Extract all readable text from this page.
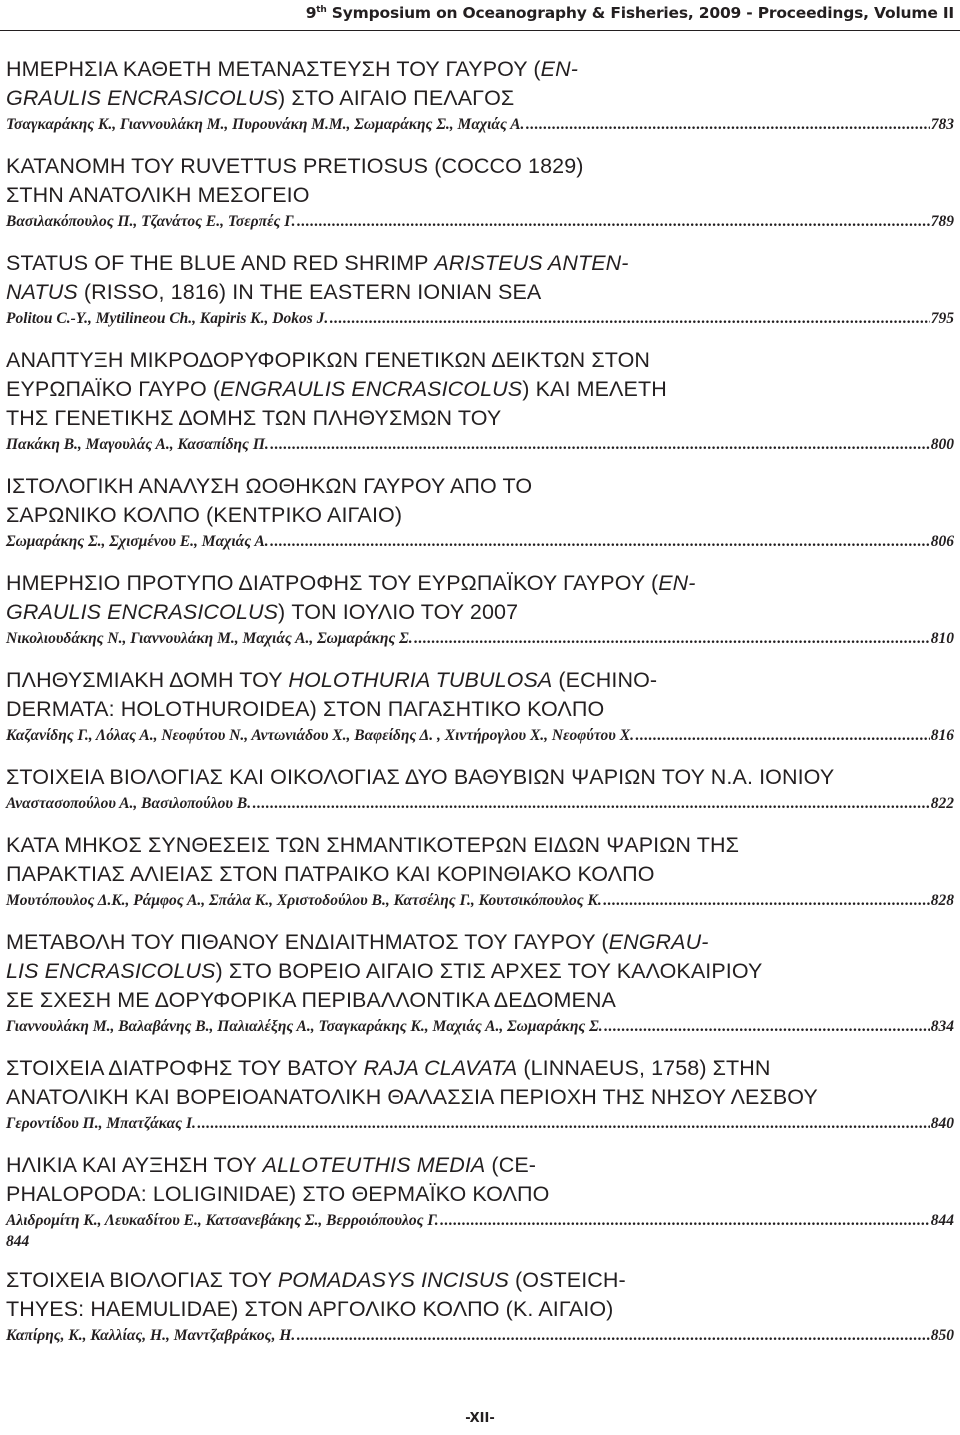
9th Symposium on Oceanography & Fisheries, 2009 - Proceedings, Volume II
ΗΜΕΡΗΣΙΑ ΚΑΘΕΤΗ ΜΕΤΑΝΑΣΤΕΥΣΗ ΤΟΥ ΓΑΥΡΟΥ (EN-
GRAULIS ENCRASICOLUS) ΣΤΟ ΑΙΓΑΙΟ ΠΕΛΑΓΟΣ
Τσαγκαράκης Κ., Γιαννουλάκη Μ., Πυρουνάκη Μ.Μ., Σωμαράκης Σ., Μαχιάς Α. .....	783
ΚΑΤΑΝΟΜΗ ΤΟΥ RUVETTUS PRETIOSUS (COCCO 1829)
ΣΤΗΝ ΑΝΑΤΟΛΙΚΗ ΜΕΣΟΓΕΙΟ
Βασιλακόπουλος Π., Τζανάτος Ε., Τσερπές Γ. .....	789
STATUS OF THE BLUE AND RED SHRIMP ARISTEUS ANTEN-
NATUS (RISSO, 1816) IN THE EASTERN IONIAN SEA
Politou C.-Y., Mytilineou Ch., Kapiris K., Dokos J. .....	795
ΑΝΑΠΤΥΞΗ ΜΙΚΡΟΔΟΡΥΦΟΡΙΚΩΝ ΓΕΝΕΤΙΚΩΝ ΔΕΙΚΤΩΝ ΣΤΟΝ
ΕΥΡΩΠΑΪΚΟ ΓΑΥΡΟ (ENGRAULIS ENCRASICOLUS) ΚΑΙ ΜΕΛΕΤΗ
ΤΗΣ ΓΕΝΕΤΙΚΗΣ ΔΟΜΗΣ ΤΩΝ ΠΛΗΘΥΣΜΩΝ ΤΟΥ
Πακάκη Β., Μαγουλάς Α., Κασαπίδης Π. .....	800
ΙΣΤΟΛΟΓΙΚΗ ΑΝΑΛΥΣΗ ΩΟΘΗΚΩΝ ΓΑΥΡΟΥ ΑΠΟ ΤΟ
ΣΑΡΩΝΙΚΟ ΚΟΛΠΟ (ΚΕΝΤΡΙΚΟ ΑΙΓΑΙΟ)
Σωμαράκης Σ., Σχισμένου Ε., Μαχιάς Α. .....	806
ΗΜΕΡΗΣΙΟ ΠΡΟΤΥΠΟ ΔΙΑΤΡΟΦΗΣ ΤΟΥ ΕΥΡΩΠΑΪΚΟΥ ΓΑΥΡΟΥ (EN-
GRAULIS ENCRASICOLUS) ΤΟΝ ΙΟΥΛΙΟ ΤΟΥ 2007
Νικολιουδάκης Ν., Γιαννουλάκη Μ., Μαχιάς Α., Σωμαράκης Σ. .....	810
ΠΛΗΘΥΣΜΙΑΚΗ ΔΟΜΗ ΤΟΥ HOLOTHURIA TUBULOSA (ECHINO-
DERMATA: HOLOTHUROIDEA) ΣΤΟΝ ΠΑΓΑΣΗΤΙΚΟ ΚΟΛΠΟ
Καζανίδης Γ., Λόλας Α., Νεοφύτου Ν., Αντωνιάδου Χ., Βαφείδης Δ. , Χιντήρογλου Χ., Νεοφύτου Χ. .....	816
ΣΤΟΙΧΕΙΑ ΒΙΟΛΟΓΙΑΣ ΚΑΙ ΟΙΚΟΛΟΓΙΑΣ ΔΥΟ ΒΑΘΥΒΙΩΝ ΨΑΡΙΩΝ ΤΟΥ Ν.Α. ΙΟΝΙΟΥ
Αναστασοπούλου Α., Βασιλοπούλου Β. .....	822
ΚΑΤΑ ΜΗΚΟΣ ΣΥΝΘΕΣΕΙΣ ΤΩΝ ΣΗΜΑΝΤΙΚΟΤΕΡΩΝ ΕΙΔΩΝ ΨΑΡΙΩΝ ΤΗΣ
ΠΑΡΑΚΤΙΑΣ ΑΛΙΕΙΑΣ ΣΤΟΝ ΠΑΤΡΑΙΚΟ ΚΑΙ ΚΟΡΙΝΘΙΑΚΟ ΚΟΛΠΟ
Μουτόπουλος Δ.Κ., Ράμφος Α., Σπάλα Κ., Χριστοδούλου Β., Κατσέλης Γ., Κουτσικόπουλος Κ. .....	828
ΜΕΤΑΒΟΛΗ ΤΟΥ ΠΙΘΑΝΟΥ ΕΝΔΙΑΙΤΗΜΑΤΟΣ ΤΟΥ ΓΑΥΡΟΥ (ENGRAU-
LIS ENCRASICOLUS) ΣΤΟ ΒΟΡΕΙΟ ΑΙΓΑΙΟ ΣΤΙΣ ΑΡΧΕΣ ΤΟΥ ΚΑΛΟΚΑΙΡΙΟΥ
ΣΕ ΣΧΕΣΗ ΜΕ ΔΟΡΥΦΟΡΙΚΑ ΠΕΡΙΒΑΛΛΟΝΤΙΚΑ ΔΕΔΟΜΕΝΑ
Γιαννουλάκη Μ., Βαλαβάνης Β., Παλιαλέξης Α., Τσαγκαράκης Κ., Μαχιάς Α., Σωμαράκης Σ. .....	834
ΣΤΟΙΧΕΙΑ ΔΙΑΤΡΟΦΗΣ ΤΟΥ ΒΑΤΟΥ RAJA CLAVATA (LINNAEUS, 1758) ΣΤΗΝ
ΑΝΑΤΟΛΙΚΗ ΚΑΙ ΒΟΡΕΙΟΑΝΑΤΟΛΙΚΗ ΘΑΛΑΣΣΙΑ ΠΕΡΙΟΧΗ ΤΗΣ ΝΗΣΟΥ ΛΕΣΒΟΥ
Γεροντίδου Π., Μπατζάκας Ι. .....	840
ΗΛΙΚΙΑ ΚΑΙ ΑΥΞΗΣΗ ΤΟΥ ALLOTEUTHIS MEDIA (CE-
PHALOPODA: LOLIGINIDAE) ΣΤΟ ΘΕΡΜΑΪΚΟ ΚΟΛΠΟ
Αλιδρομίτη Κ., Λευκαδίτου Ε., Κατσανεβάκης Σ., Βερροιόπουλος Γ. .....	844
844
ΣΤΟΙΧΕΙΑ ΒΙΟΛΟΓΙΑΣ ΤΟΥ POMADASYS INCISUS (OSTEICH-
THYES: HAEMULIDAE) ΣΤΟΝ ΑΡΓΟΛΙΚΟ ΚΟΛΠΟ (Κ. ΑΙΓΑΙΟ)
Καπίρης, Κ., Καλλίας, Η., Μαντζαβράκος, Η. .....	850
-XII-
